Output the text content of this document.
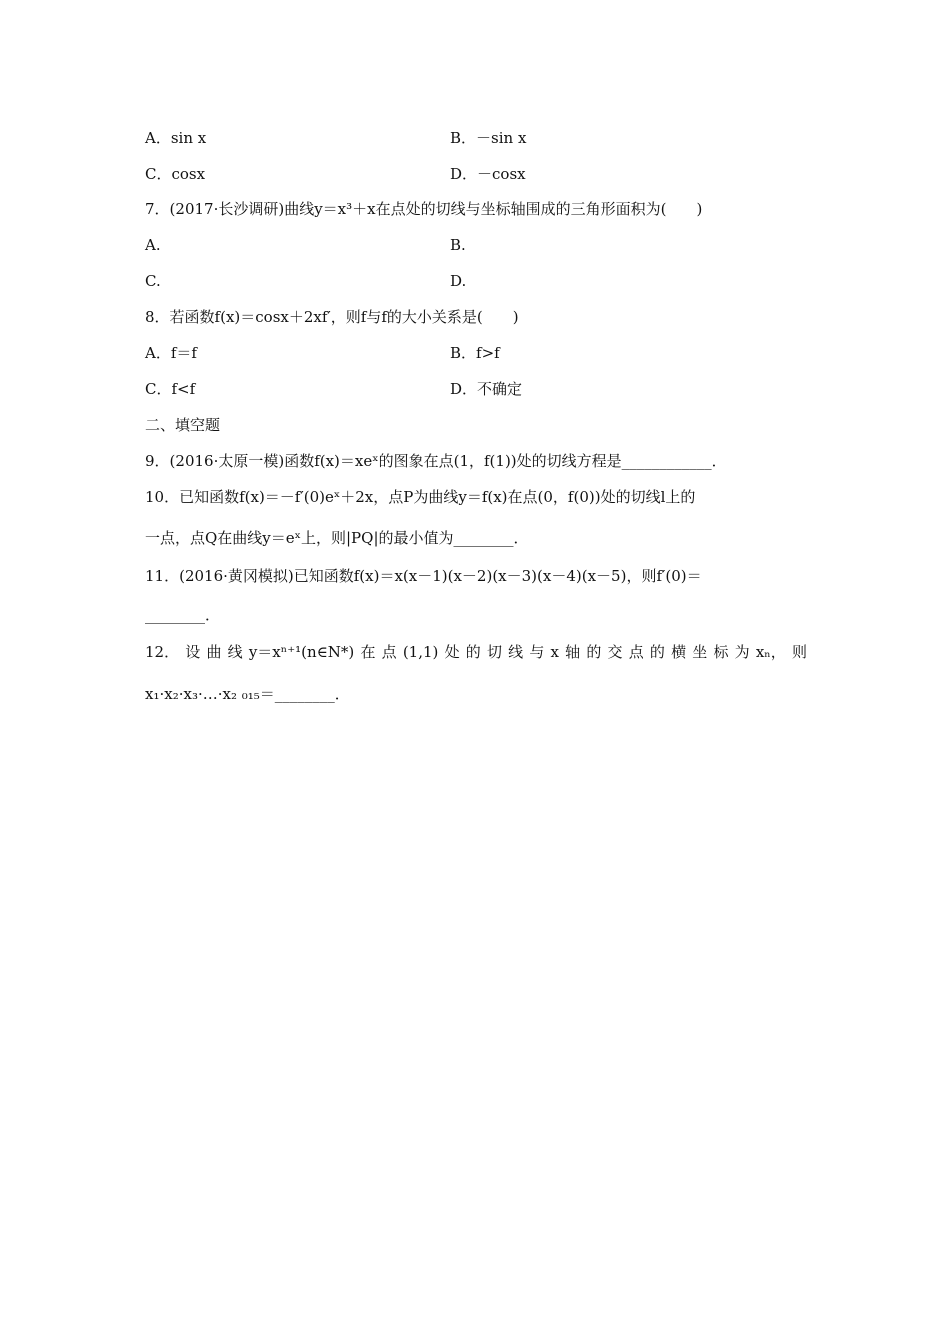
A．sin x	B．－sin x
C．cosx	D．－cosx
7．(2017·长沙调研)曲线y＝x³＋x在点处的切线与坐标轴围成的三角形面积为(　　)
A.	B.
C.	D.
8．若函数f(x)＝cosx＋2xf′，则f与f的大小关系是(　　)
A．f＝f	B．f>f
C．f<f	D．不确定
二、填空题
9．(2016·太原一模)函数f(x)＝xeˣ的图象在点(1，f(1))处的切线方程是____________．
10．已知函数f(x)＝－f′(0)eˣ＋2x，点P为曲线y＝f(x)在点(0，f(0))处的切线l上的
一点，点Q在曲线y＝eˣ上，则|PQ|的最小值为________．
11．(2016·黄冈模拟)已知函数f(x)＝x(x－1)(x－2)(x－3)(x－4)(x－5)，则f′(0)＝
________．
12． 设 曲 线 y＝xⁿ⁺¹(n∈N*) 在 点 (1,1) 处 的 切 线 与 x 轴 的 交 点 的 横 坐 标 为 xₙ， 则
x₁·x₂·x₃·…·x₂ ₀₁₅＝________．
